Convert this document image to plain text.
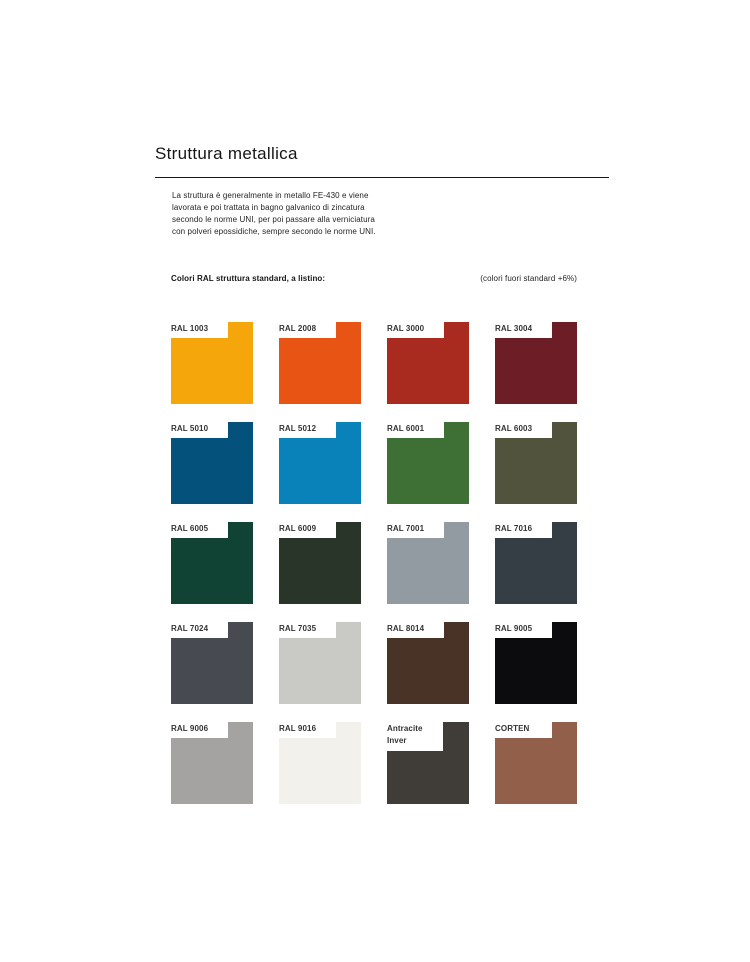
Struttura metallica
La struttura è generalmente in metallo FE-430 e viene
lavorata e poi trattata in bagno galvanico di zincatura
secondo le norme UNI, per poi passare alla verniciatura
con polveri epossidiche, sempre secondo le norme UNI.
Colori RAL struttura standard, a listino:	(colori fuori standard +6%)
RAL 1003	RAL 2008	RAL 3000	RAL 3004
RAL 5010	RAL 5012	RAL 6001	RAL 6003
RAL 6005	RAL 6009	RAL 7001	RAL 7016
RAL 7024	RAL 7035	RAL 8014	RAL 9005
RAL 9006	RAL 9016	Antracite
Inver
CORTEN
